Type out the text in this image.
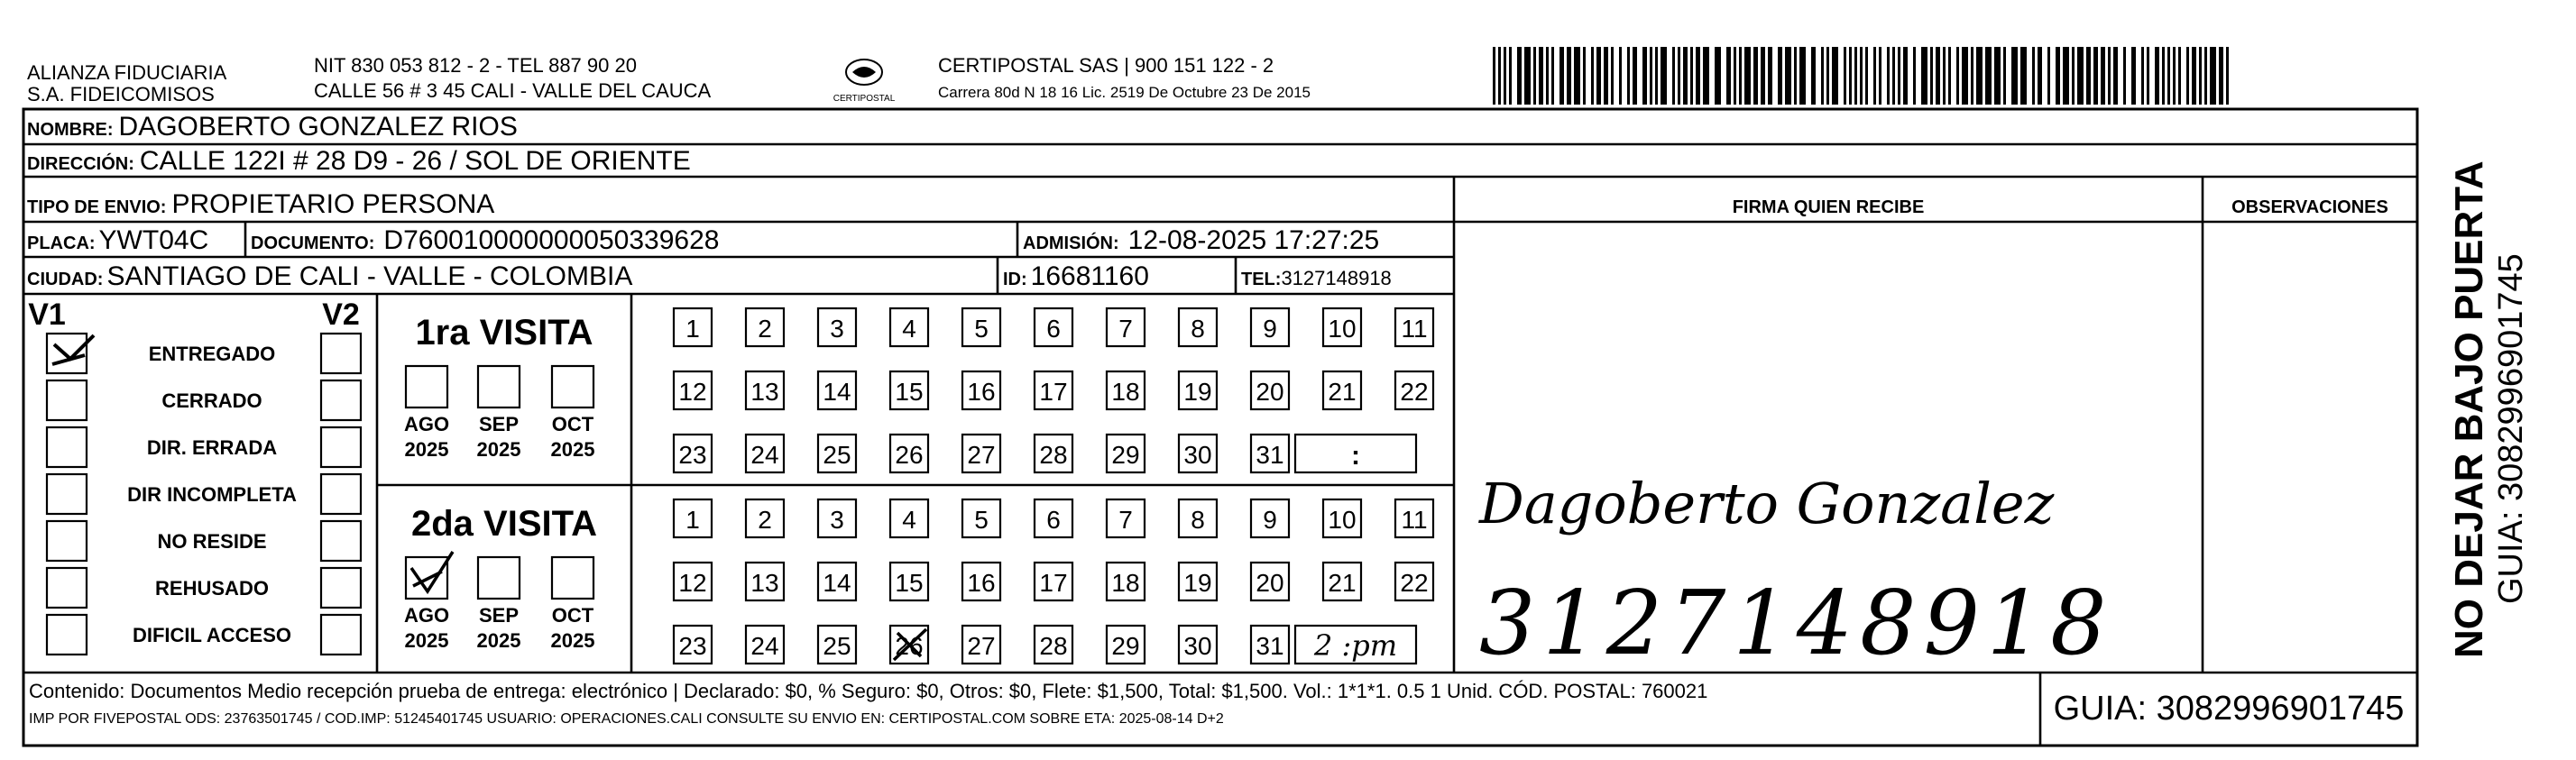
ALIANZA FIDUCIARIA
S.A. FIDEICOMISOS
NIT 830 053 812 - 2 - TEL 887 90 20
CALLE 56 # 3 45 CALI - VALLE DEL CAUCA	CERTIPOSTAL
CERTIPOSTAL SAS | 900 151 122 - 2
Carrera 80d N 18 16 Lic. 2519 De Octubre 23 De 2015
NOMBRE: DAGOBERTO GONZALEZ RIOS
DIRECCIÓN: CALLE 122I # 28 D9 - 26 / SOL DE ORIENTE
TIPO DE ENVIO: PROPIETARIO PERSONA
PLACA: YWT04C DOCUMENTO: D760010000000050339628	ADMISIÓN: 12-08-2025 17:27:25
CIUDAD: SANTIAGO DE CALI - VALLE - COLOMBIA	ID: 16681160	TEL:3127148918
FIRMA QUIEN RECIBE	OBSERVACIONES
V1	V2
ENTREGADO
CERRADO
DIR. ERRADA
DIR INCOMPLETA
NO RESIDE
REHUSADO
DIFICIL ACCESO
1ra VISITA
AGO
2025
SEP
2025
OCT
2025
1 2 3 4 5 6 7 8 9 10 11
12 13 14 15 16 17 18 19 20 21 22
23 24 25 26 27 28 29 30 31 :
2da VISITA
AGO
2025
SEP
2025
OCT
2025
1 2 3 4 5 6 7 8 9 10 11
12 13 14 15 16 17 18 19 20 21 22
23 24 25 26 27 28 29 30 31 2 :pm
Dagoberto Gonzalez
3127148918	NO DEJAR BAJO PUERTA GUIA: 3082996901745
Contenido: Documentos Medio recepción prueba de entrega: electrónico | Declarado: $0, % Seguro: $0, Otros: $0, Flete: $1,500, Total: $1,500. Vol.: 1*1*1. 0.5 1 Unid. CÓD. POSTAL: 760021
IMP POR FIVEPOSTAL ODS: 23763501745 / COD.IMP: 51245401745 USUARIO: OPERACIONES.CALI CONSULTE SU ENVIO EN: CERTIPOSTAL.COM SOBRE ETA: 2025-08-14 D+2	GUIA: 3082996901745
